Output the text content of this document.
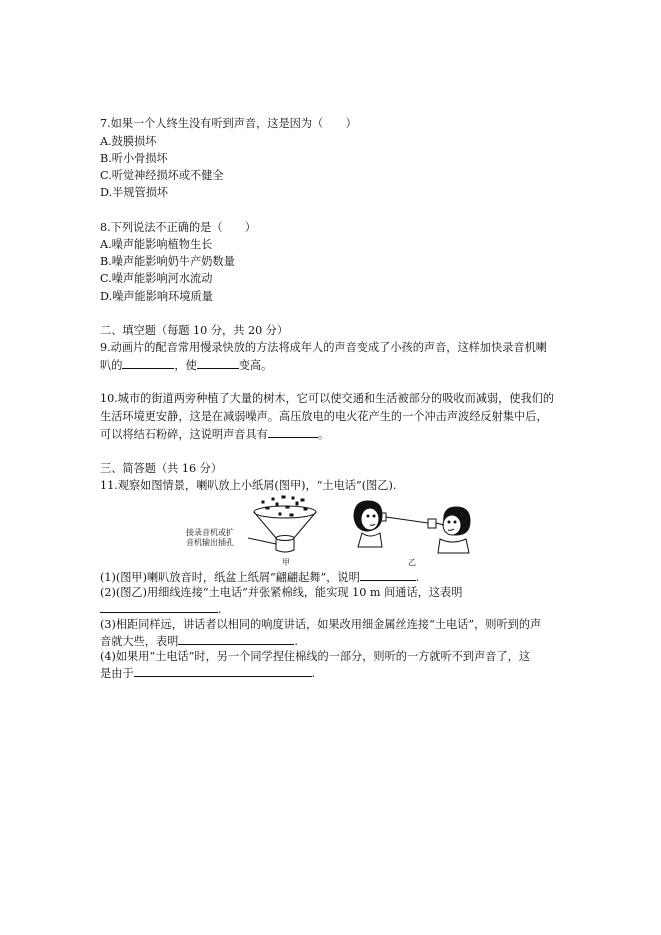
7.如果一个人终生没有听到声音，这是因为（　　）
A.鼓膜损坏
B.听小骨损坏
C.听觉神经损坏或不健全
D.半规管损坏
8.下列说法不正确的是（　　）
A.噪声能影响植物生长
B.噪声能影响奶牛产奶数量
C.噪声能影响河水流动
D.噪声能影响环境质量
二、填空题（每题 10 分，共 20 分）
9.动画片的配音常用慢录快放的方法将成年人的声音变成了小孩的声音，这样加快录音机喇
叭的	，使	变高。
10.城市的街道两旁种植了大量的树木，它可以使交通和生活被部分的吸收而减弱，使我们的
生活环境更安静，这是在减弱噪声。高压放电的电火花产生的一个冲击声波经反射集中后，
可以将结石粉碎，这说明声音具有	。
三、简答题（共 16 分）
11.观察如图情景，喇叭放上小纸屑(图甲)，“土电话”(图乙).
接录音机或扩
音机输出插孔
甲	乙
(1)(图甲)喇叭放音时，纸盆上纸屑“翩翩起舞”，说明	.
(2)(图乙)用细线连接“土电话”并张紧棉线，能实现 10 m 间通话，这表明
.
(3)相距同样远，讲话者以相同的响度讲话，如果改用细金属丝连接“土电话”，则听到的声
音就大些，表明	.
(4)如果用“土电话”时，另一个同学捏住棉线的一部分，则听的一方就听不到声音了，这
是由于	.
